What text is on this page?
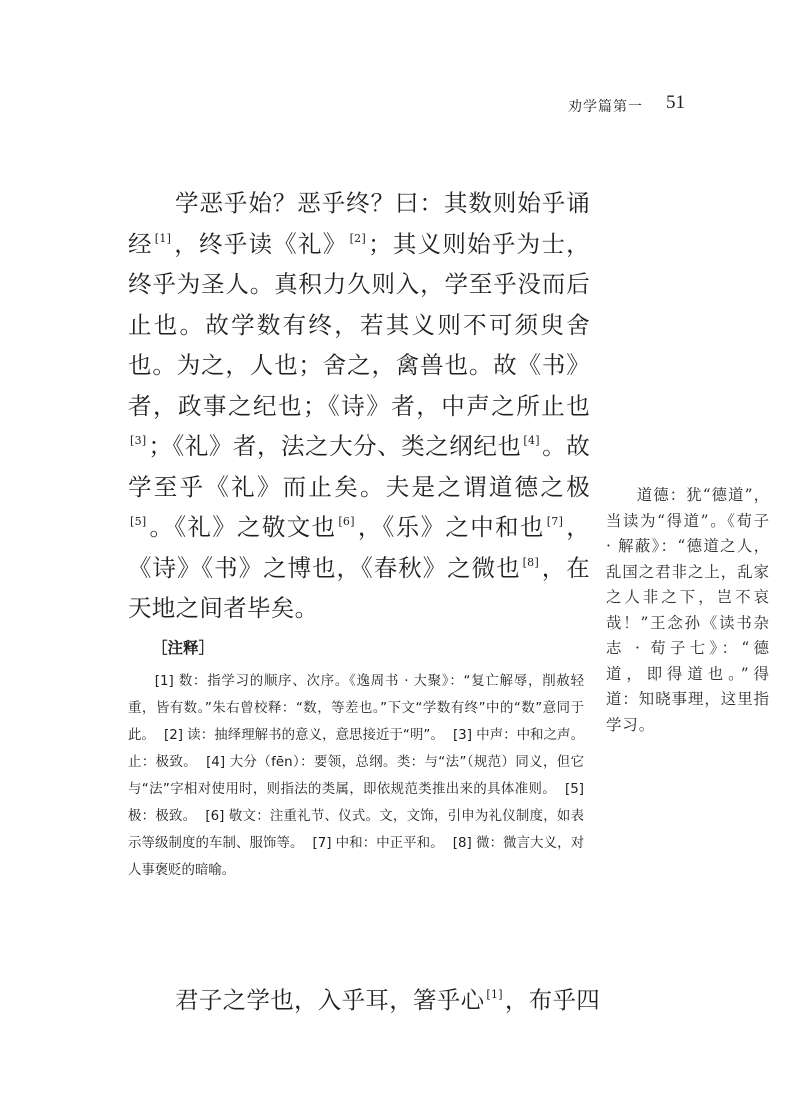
劝学篇第一 51

学恶乎始？恶乎终？曰：其数则始乎诵经 [1]，终乎读《礼》 [2]；其义则始乎为士，终乎为圣人。真积力久则入，学至乎没而后止也。故学数有终，若其义则不可须臾舍也。为之，人也；舍之，禽兽也。故《书》者，政事之纪也；《诗》者，中声之所止也[3]；《礼》者，法之大分、类之纲纪也 [4]。故学至乎《礼》而止矣。夫是之谓道德之极[5]。《礼》之敬文也 [6]，《乐》之中和也 [7]，《诗》《书》之博也，《春秋》之微也 [8]，在天地之间者毕矣。

道德：犹“德道”，当读为“得道”。《荀子 · 解蔽》：“德道之人，乱国之君非之上，乱家之人非之下，岂不哀哉！”王念孙《读书杂志 · 荀子七》：“德道，即得道也。”得道：知晓事理，这里指学习。

［注释］

[1] 数：指学习的顺序、次序。《逸周书 · 大聚》：“复亡解辱，削赦轻重，皆有数。”朱右曾校释：“数，等差也。”下文“学数有终”中的“数”意同于此。 [2] 读：抽绎理解书的意义，意思接近于“明”。 [3] 中声：中和之声。止：极致。 [4] 大分（fēn）：要领，总纲。类：与“法”（规范）同义，但它与“法”字相对使用时，则指法的类属，即依规范类推出来的具体准则。 [5] 极：极致。 [6] 敬文：注重礼节、仪式。文，文饰，引申为礼仪制度，如表示等级制度的车制、服饰等。 [7] 中和：中正平和。 [8] 微：微言大义，对人事褒贬的暗喻。

君子之学也，入乎耳，箸乎心 [1]，布乎四
